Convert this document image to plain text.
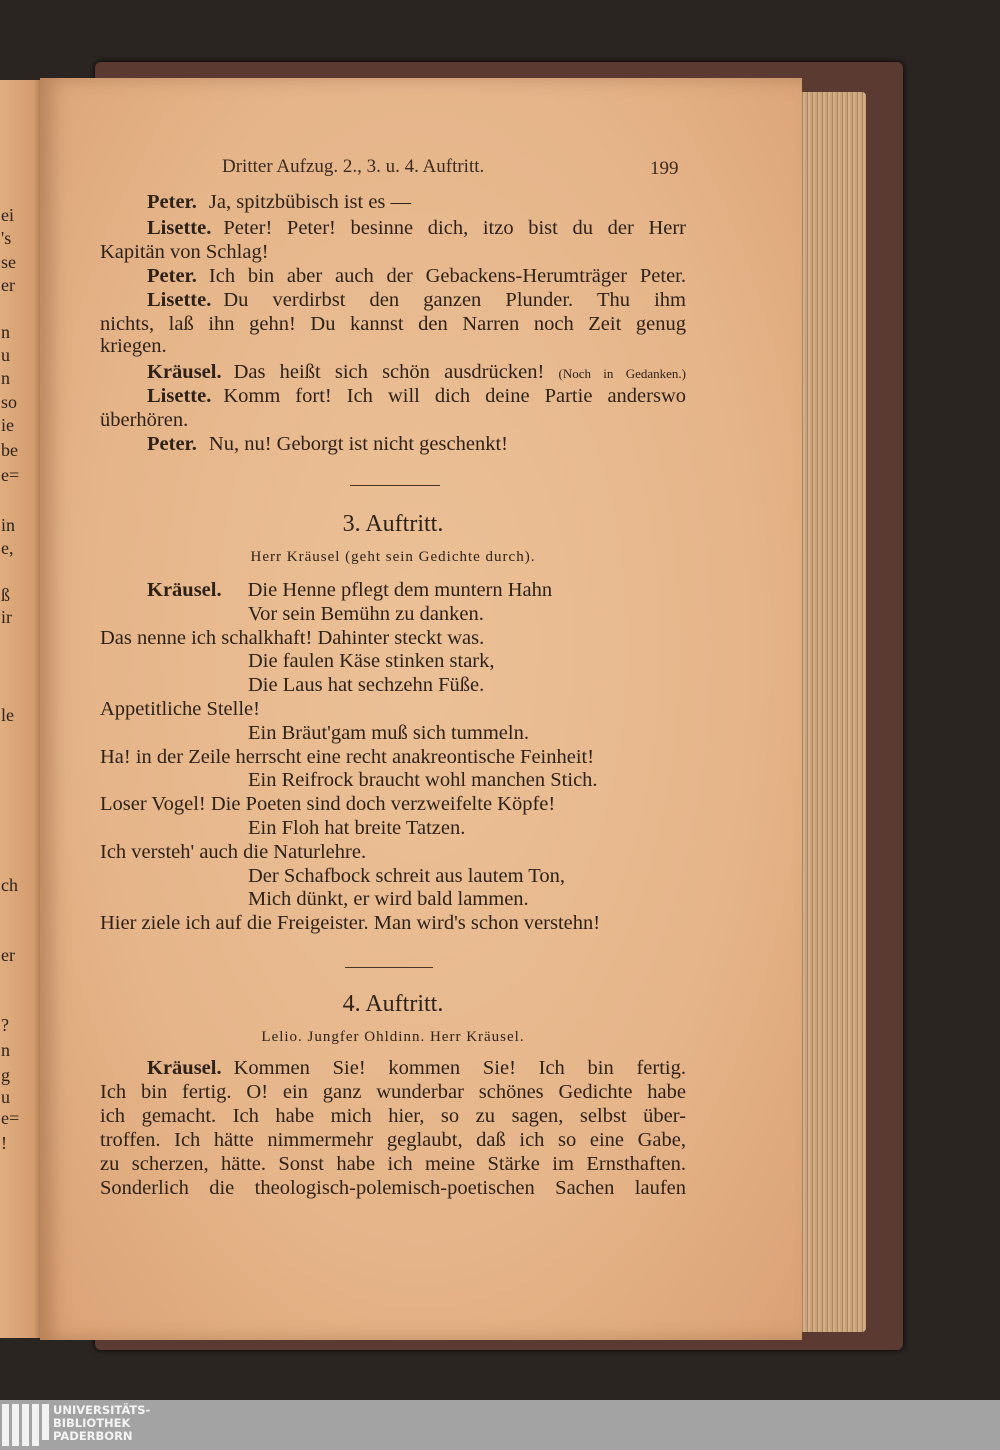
Dritter Aufzug. 2., 3. u. 4. Auftritt.	199
3. Auftritt.
Herr Kräusel (geht sein Gedichte durch).
4. Auftritt.
Lelio. Jungfer Ohldinn. Herr Kräusel.
Peter. Ja, spitzbübisch ist es —
Lisette. Peter! Peter! besinne dich, itzo bist du der Herr
Kapitän von Schlag!
Peter. Ich bin aber auch der Gebackens-Herumträger Peter.
Lisette. Du verdirbst den ganzen Plunder. Thu ihm
nichts, laß ihn gehn! Du kannst den Narren noch Zeit genug
kriegen.
Kräusel. Das heißt sich schön ausdrücken! (Noch in Gedanken.)
Lisette. Komm fort! Ich will dich deine Partie anderswo
überhören.
Peter. Nu, nu! Geborgt ist nicht geschenkt!
Kräusel. Die Henne pflegt dem muntern Hahn
Vor sein Bemühn zu danken.
Das nenne ich schalkhaft! Dahinter steckt was.
Die faulen Käse stinken stark,
Die Laus hat sechzehn Füße.
Appetitliche Stelle!
Ein Bräut'gam muß sich tummeln.
Ha! in der Zeile herrscht eine recht anakreontische Feinheit!
Ein Reifrock braucht wohl manchen Stich.
Loser Vogel! Die Poeten sind doch verzweifelte Köpfe!
Ein Floh hat breite Tatzen.
Ich versteh' auch die Naturlehre.
Der Schafbock schreit aus lautem Ton,
Mich dünkt, er wird bald lammen.
Hier ziele ich auf die Freigeister. Man wird's schon verstehn!
Kräusel. Kommen Sie! kommen Sie! Ich bin fertig.
Ich bin fertig. O! ein ganz wunderbar schönes Gedichte habe
ich gemacht. Ich habe mich hier, so zu sagen, selbst über-
troffen. Ich hätte nimmermehr geglaubt, daß ich so eine Gabe,
zu scherzen, hätte. Sonst habe ich meine Stärke im Ernsthaften.
Sonderlich die theologisch-polemisch-poetischen Sachen laufen
UNIVERSITÄTS-
BIBLIOTHEK
PADERBORN
ei
's
se
er
n
u
n
so
ie
be
e=
in
e,
ß
ir
le
ch
er
?
n
g
u
e=
!
